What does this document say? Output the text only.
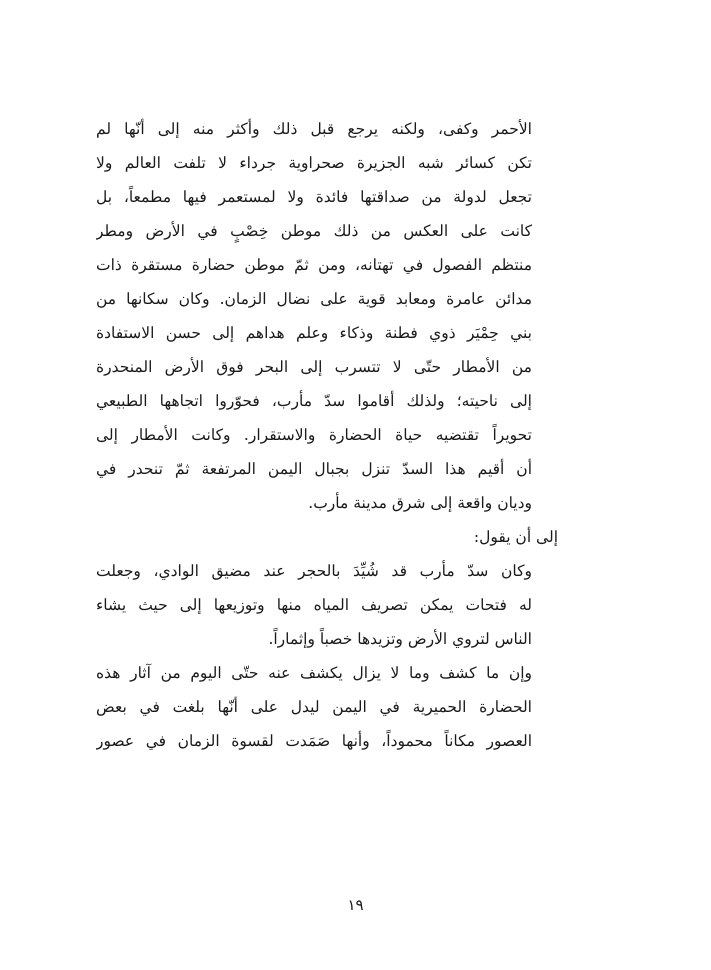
الأحمر وكفى، ولكنه يرجع قبل ذلك وأكثر منه إلى أنّها لم
تكن كسائر شبه الجزيرة صحراوية جرداء لا تلفت العالم ولا
تجعل لدولة من صداقتها فائدة ولا لمستعمر فيها مطمعاً، بل
كانت على العكس من ذلك موطن خِصْبٍ في الأرض ومطر
منتظم الفصول في تهتانه، ومن ثمّ موطن حضارة مستقرة ذات
مدائن عامرة ومعابد قوية على نضال الزمان. وكان سكانها من
بني حِمْيَر ذوي فطنة وذكاء وعلم هداهم إلى حسن الاستفادة
من الأمطار حتّى لا تتسرب إلى البحر فوق الأرض المنحدرة
إلى ناحيته؛ ولذلك أقاموا سدّ مأرب، فحوّروا اتجاهها الطبيعي
تحويراً تقتضيه حياة الحضارة والاستقرار. وكانت الأمطار إلى
أن أقيم هذا السدّ تنزل بجبال اليمن المرتفعة ثمّ تنحدر في
وديان واقعة إلى شرق مدينة مأرب.
إلى أن يقول:
وكان سدّ مأرب قد شُيِّدَ بالحجر عند مضيق الوادي، وجعلت
له فتحات يمكن تصريف المياه منها وتوزيعها إلى حيث يشاء
الناس لتروي الأرض وتزيدها خصباً وإثماراً.
وإن ما كشف وما لا يزال يكشف عنه حتّى اليوم من آثار هذه
الحضارة الحميرية في اليمن ليدل على أنّها بلغت في بعض
العصور مكاناً محموداً، وأنها صَمَدت لقسوة الزمان في عصور
١٩
